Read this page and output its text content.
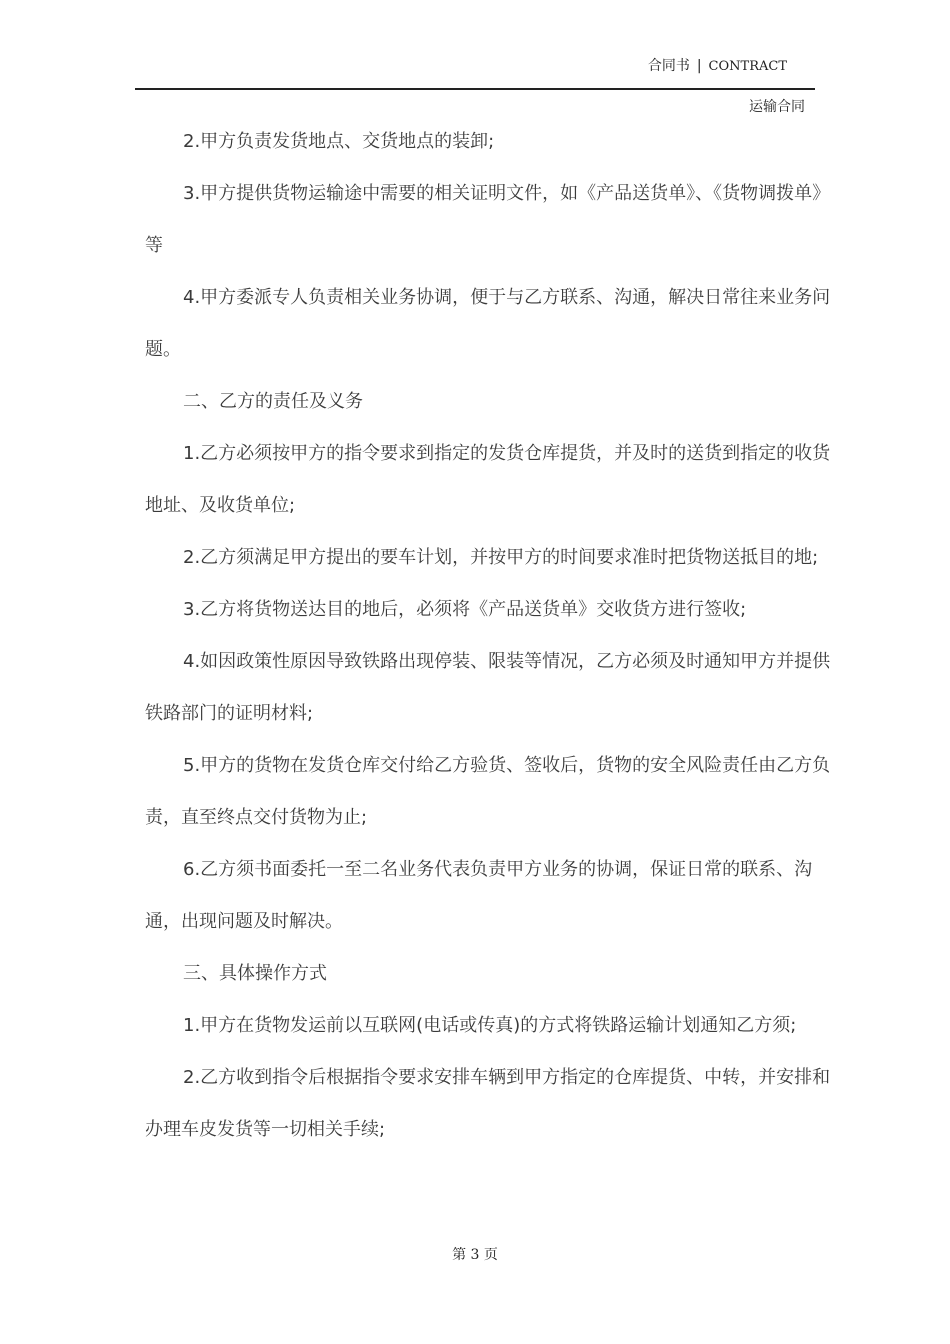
合同书 | CONTRACT
运输合同

2.甲方负责发货地点、交货地点的装卸;

3.甲方提供货物运输途中需要的相关证明文件，如《产品送货单》、《货物调拨单》等

4.甲方委派专人负责相关业务协调，便于与乙方联系、沟通，解决日常往来业务问题。

二、乙方的责任及义务

1.乙方必须按甲方的指令要求到指定的发货仓库提货，并及时的送货到指定的收货地址、及收货单位;

2.乙方须满足甲方提出的要车计划，并按甲方的时间要求准时把货物送抵目的地;

3.乙方将货物送达目的地后，必须将《产品送货单》交收货方进行签收;

4.如因政策性原因导致铁路出现停装、限装等情况，乙方必须及时通知甲方并提供铁路部门的证明材料;

5.甲方的货物在发货仓库交付给乙方验货、签收后，货物的安全风险责任由乙方负责，直至终点交付货物为止;

6.乙方须书面委托一至二名业务代表负责甲方业务的协调，保证日常的联系、沟通，出现问题及时解决。

三、具体操作方式

1.甲方在货物发运前以互联网(电话或传真)的方式将铁路运输计划通知乙方须;

2.乙方收到指令后根据指令要求安排车辆到甲方指定的仓库提货、中转，并安排和办理车皮发货等一切相关手续;

第 3 页
